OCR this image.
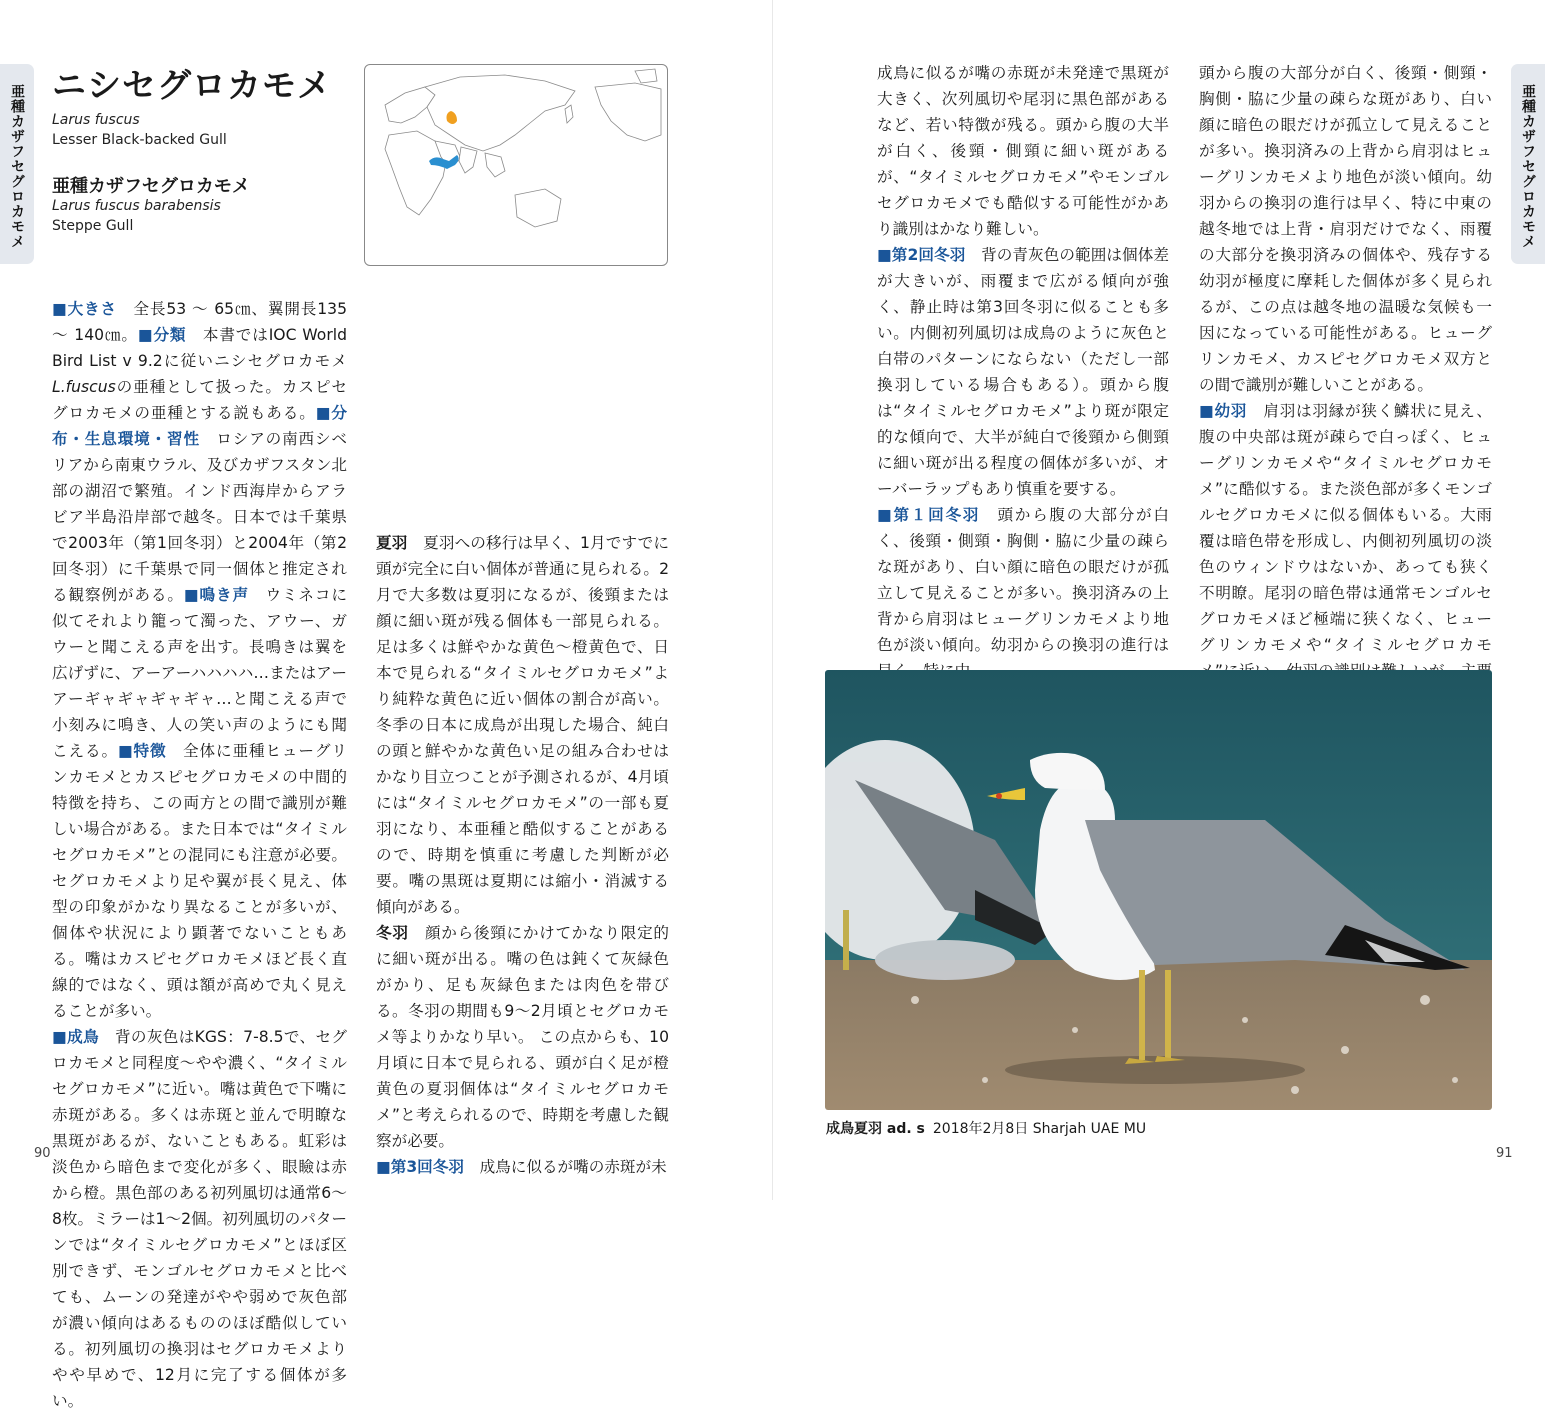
亜種カザフセグロカモメ	亜種カザフセグロカモメ
ニシセグロカモメ
Larus fuscus
Lesser Black-backed Gull
亜種カザフセグロカモメ
Larus fuscus barabensis
Steppe Gull

■大きさ　 全長53 ～ 65㎝、翼開長135 ～ 140㎝。■分類　 本書ではIOC World Bird List v 9.2に従いニシセグロカモメL.fuscusの亜種として扱った。カスピセグロカモメの亜種とする説もある。■分布・生息環境・習性　 ロシアの南西シベリアから南東ウラル、及びカザフスタン北部の湖沼で繁殖。インド西海岸からアラビア半島沿岸部で越冬。日本では千葉県で2003年（第1回冬羽）と2004年（第2回冬羽）に千葉県で同一個体と推定される観察例がある。■鳴き声　 ウミネコに似てそれより籠って濁った、アウー、ガウーと聞こえる声を出す。長鳴きは翼を広げずに、アーアーハハハハ…またはアーアーギャギャギャギャ…と聞こえる声で小刻みに鳴き、人の笑い声のようにも聞こえる。■特徴　 全体に亜種ヒューグリンカモメとカスピセグロカモメの中間的特徴を持ち、この両方との間で識別が難しい場合がある。また日本では“タイミルセグロカモメ”との混同にも注意が必要。セグロカモメより足や翼が長く見え、体型の印象がかなり異なることが多いが、個体や状況により顕著でないこともある。嘴はカスピセグロカモメほど長く直線的ではなく、頭は額が高めで丸く見えることが多い。

■成鳥　 背の灰色はKGS：7-8.5で、セグロカモメと同程度～やや濃く、“タイミルセグロカモメ”に近い。嘴は黄色で下嘴に赤斑がある。多くは赤斑と並んで明瞭な黒斑があるが、ないこともある。虹彩は淡色から暗色まで変化が多く、眼瞼は赤から橙。黒色部のある初列風切は通常6～8枚。ミラーは1～2個。初列風切のパターンでは“タイミルセグロカモメ”とほぼ区別できず、モンゴルセグロカモメと比べても、ムーンの発達がやや弱めで灰色部が濃い傾向はあるもののほぼ酷似している。初列風切の換羽はセグロカモメよりやや早めで、12月に完了する個体が多い。

夏羽　 夏羽への移行は早く、1月ですでに頭が完全に白い個体が普通に見られる。2月で大多数は夏羽になるが、後頸または顔に細い斑が残る個体も一部見られる。足は多くは鮮やかな黄色～橙黄色で、日本で見られる“タイミルセグロカモメ”より純粋な黄色に近い個体の割合が高い。冬季の日本に成鳥が出現した場合、純白の頭と鮮やかな黄色い足の組み合わせはかなり目立つことが予測されるが、4月頃には“タイミルセグロカモメ”の一部も夏羽になり、本亜種と酷似することがあるので、時期を慎重に考慮した判断が必要。嘴の黒斑は夏期には縮小・消滅する傾向がある。

冬羽　 顔から後頸にかけてかなり限定的に細い斑が出る。嘴の色は鈍くて灰緑色がかり、足も灰緑色または肉色を帯びる。冬羽の期間も9～2月頃とセグロカモメ等よりかなり早い。 この点からも、10月頃に日本で見られる、頭が白く足が橙黄色の夏羽個体は“タイミルセグロカモメ”と考えられるので、時期を考慮した観察が必要。

■第3回冬羽　 成鳥に似るが嘴の赤斑が未

成鳥に似るが嘴の赤斑が未発達で黒斑が大きく、次列風切や尾羽に黒色部があるなど、若い特徴が残る。頭から腹の大半が白く、後頸・側頸に細い斑があるが、“タイミルセグロカモメ”やモンゴルセグロカモメでも酷似する可能性がかあり識別はかなり難しい。

■第2回冬羽　 背の青灰色の範囲は個体差が大きいが、雨覆まで広がる傾向が強く、静止時は第3回冬羽に似ることも多い。内側初列風切は成鳥のように灰色と白帯のパターンにならない（ただし一部換羽している場合もある）。頭から腹は“タイミルセグロカモメ”より斑が限定的な傾向で、大半が純白で後頸から側頸に細い斑が出る程度の個体が多いが、オーバーラップもあり慎重を要する。

■第１回冬羽　 頭から腹の大部分が白く、後頸・側頸・胸側・脇に少量の疎らな斑があり、白い顔に暗色の眼だけが孤立して見えることが多い。換羽済みの上背から肩羽はヒューグリンカモメより地色が淡い傾向。幼羽からの換羽の進行は

頭から腹の大部分が白く、後頸・側頸・胸側・脇に少量の疎らな斑があり、白い顔に暗色の眼だけが孤立して見えることが多い。換羽済みの上背から肩羽はヒューグリンカモメより地色が淡い傾向。幼羽からの換羽の進行は早く、特に中東の越冬地では上背・肩羽だけでなく、雨覆の大部分を換羽済みの個体や、残存する幼羽が極度に摩耗した個体が多く見られるが、この点は越冬地の温暖な気候も一因になっている可能性がある。ヒューグリンカモメ、カスピセグロカモメ双方との間で識別が難しいことがある。

■幼羽　 肩羽は羽縁が狭く鱗状に見え、腹の中央部は斑が疎らで白っぽく、ヒューグリンカモメや“タイミルセグロカモメ”に酷似する。また淡色部が多くモンゴルセグロカモメに似る個体もいる。大雨覆は暗色帯を形成し、内側初列風切の淡色のウィンドウはないか、あっても狭く不明瞭。尾羽の暗色帯は通常モンゴルセグロカモメほど極端に狭くなく、ヒューグリンカモメや“タイミルセグロカモ

成鳥夏羽 ad. s 2018年2月8日 Sharjah UAE MU
90	91
